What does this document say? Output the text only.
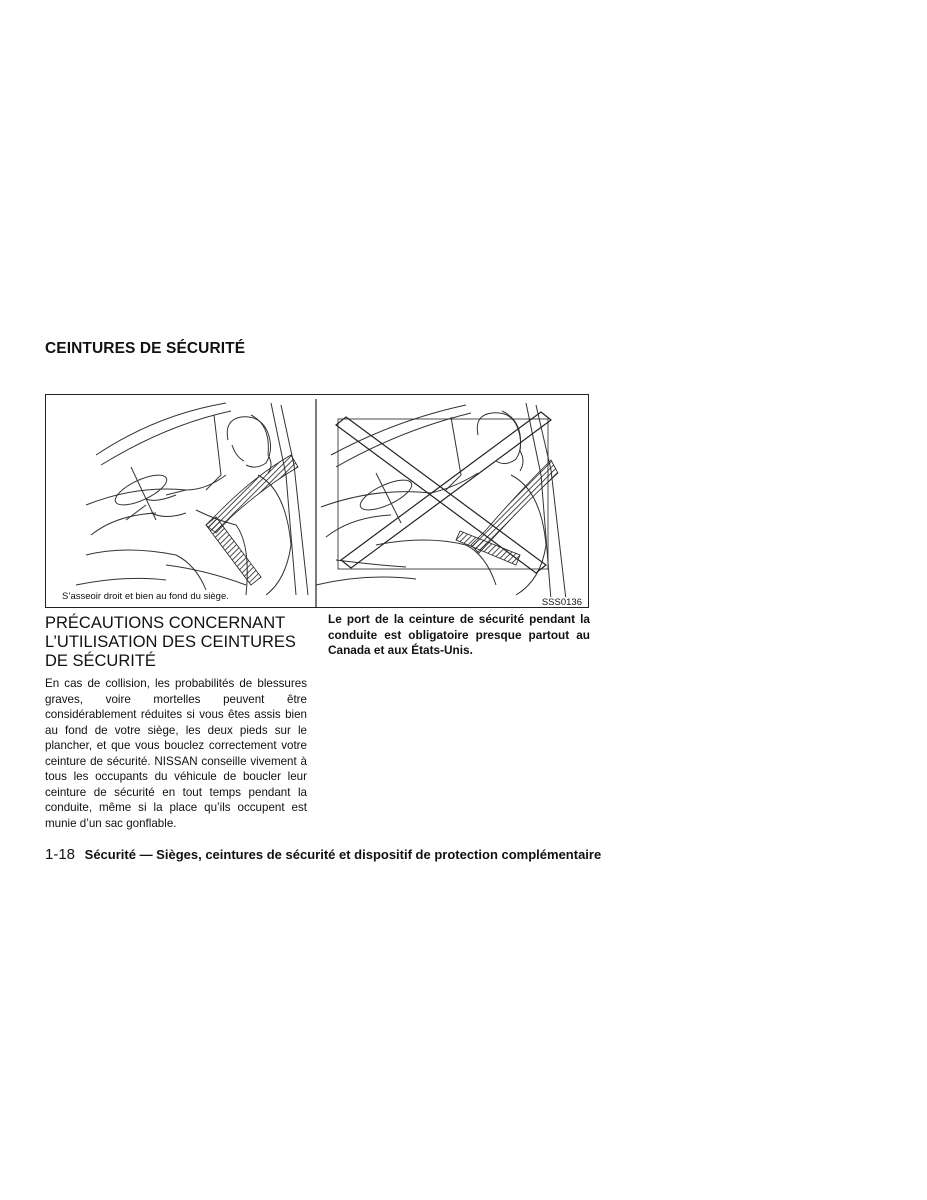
CEINTURES DE SÉCURITÉ
S’asseoir droit et bien au fond du siège.
SSS0136
PRÉCAUTIONS CONCERNANT L’UTILISATION DES CEINTURES DE SÉCURITÉ
En cas de collision, les probabilités de blessures graves, voire mortelles peuvent être considérablement réduites si vous êtes assis bien au fond de votre siège, les deux pieds sur le plancher, et que vous bouclez correctement votre ceinture de sécurité. NISSAN conseille vivement à tous les occupants du véhicule de boucler leur ceinture de sécurité en tout temps pendant la conduite, même si la place qu’ils occupent est munie d’un sac gonflable.
Le port de la ceinture de sécurité pendant la conduite est obligatoire presque partout au Canada et aux États-Unis.
1-18 Sécurité — Sièges, ceintures de sécurité et dispositif de protection complémentaire
